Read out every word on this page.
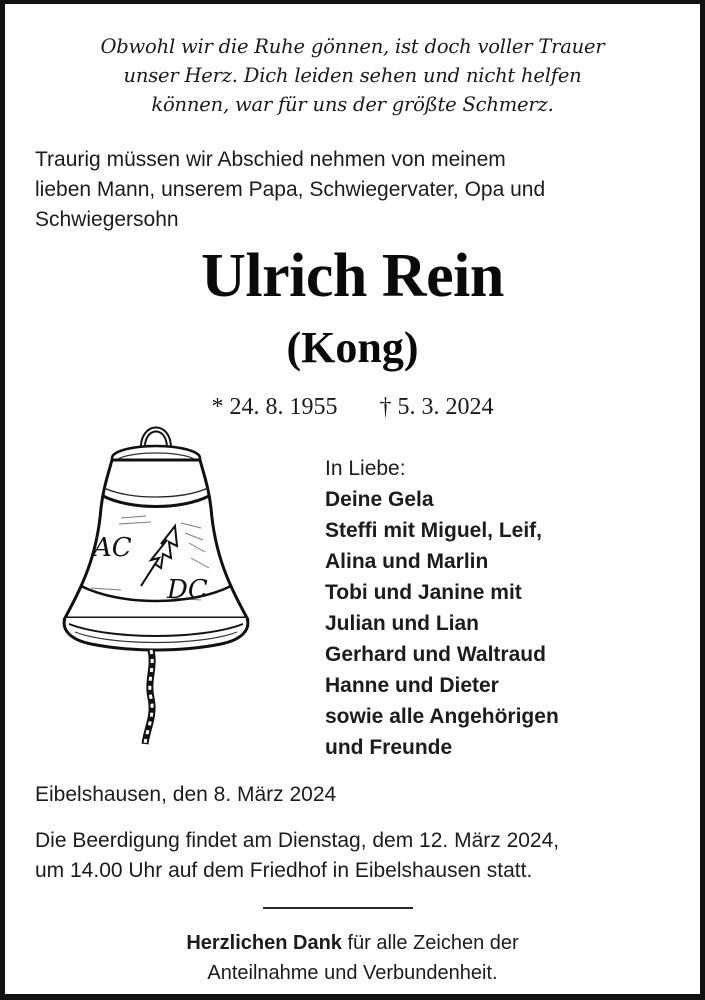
Obwohl wir die Ruhe gönnen, ist doch voller Trauer
unser Herz. Dich leiden sehen und nicht helfen
können, war für uns der größte Schmerz.
Traurig müssen wir Abschied nehmen von meinem
lieben Mann, unserem Papa, Schwiegervater, Opa und
Schwiegersohn
Ulrich Rein
(Kong)
* 24. 8. 1955 † 5. 3. 2024
AC
DC
In Liebe:
Deine Gela
Steffi mit Miguel, Leif,
Alina und Marlin
Tobi und Janine mit
Julian und Lian
Gerhard und Waltraud
Hanne und Dieter
sowie alle Angehörigen
und Freunde
Eibelshausen, den 8. März 2024
Die Beerdigung findet am Dienstag, dem 12. März 2024,
um 14.00 Uhr auf dem Friedhof in Eibelshausen statt.
Herzlichen Dank für alle Zeichen der
Anteilnahme und Verbundenheit.
